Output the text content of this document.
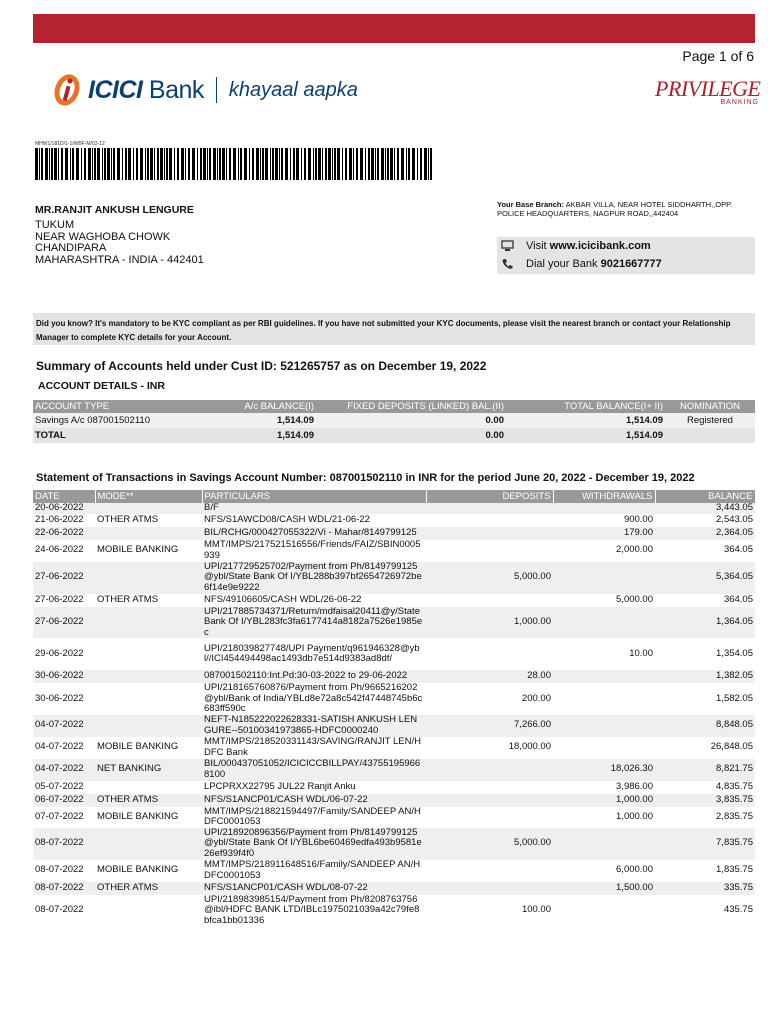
Page 1 of 6
ICICI Bank khayaal aapka	PRIVILEGE
BANKING
MHW1/181D/1-1/WBF-M/03-12
MR.RANJIT ANKUSH LENGURE
TUKUM
NEAR WAGHOBA CHOWK
CHANDIPARA
MAHARASHTRA - INDIA - 442401
Your Base Branch: AKBAR VILLA, NEAR HOTEL SIDDHARTH,,OPP. POLICE HEADQUARTERS, NAGPUR ROAD,,442404
Visit www.icicibank.com
Dial your Bank 9021667777
Did you know? It's mandatory to be KYC compliant as per RBI guidelines. If you have not submitted your KYC documents, please visit the nearest branch or contact your Relationship Manager to complete KYC details for your Account.
Summary of Accounts held under Cust ID: 521265757 as on December 19, 2022
ACCOUNT DETAILS - INR
ACCOUNT TYPE	A/c BALANCE(I)	FIXED DEPOSITS (LINKED) BAL.(II)	TOTAL BALANCE(I+ II)	NOMINATION
Savings A/c 087001502110	1,514.09	0.00	1,514.09	Registered
TOTAL	1,514.09	0.00	1,514.09	
Statement of Transactions in Savings Account Number: 087001502110 in INR for the period June 20, 2022 - December 19, 2022
DATE	MODE**	PARTICULARS	DEPOSITS	WITHDRAWALS	BALANCE
20-06-2022		B/F			3,443.05
21-06-2022	OTHER ATMS	NFS/S1AWCD08/CASH WDL/21-06-22		900.00	2,543.05
22-06-2022		BIL/RCHG/000427055322/Vi - Mahar/8149799125		179.00	2,364.05
24-06-2022	MOBILE BANKING	MMT/IMPS/217521516556/Friends/FAIZ/SBIN0005939		2,000.00	364.05
27-06-2022		UPI/217729525702/Payment from Ph/8149799125@ybl/State Bank Of I/YBL288b397bf2654726972be6f14e9e9222	5,000.00		5,364.05
27-06-2022	OTHER ATMS	NFS/49106605/CASH WDL/26-06-22		5,000.00	364.05
27-06-2022		UPI/217885734371/Return/mdfaisal20411@y/State Bank Of I/YBL283fc3fa6177414a8182a7526e1985ec	1,000.00		1,364.05
29-06-2022		UPI/218039827748/UPI Payment/q961946328@ybl//ICI454494498ac1493db7e514d9383ad8df/		10.00	1,354.05
30-06-2022		087001502110:Int.Pd:30-03-2022 to 29-06-2022	28.00		1,382.05
30-06-2022		UPI/218165760876/Payment from Ph/9665216202@ybl/Bank of India/YBLd8e72a8c542f47448745b6c683ff590c	200.00		1,582.05
04-07-2022		NEFT-N185222022628331-SATISH ANKUSH LENGURE--50100341973865-HDFC0000240	7,266.00		8,848.05
04-07-2022	MOBILE BANKING	MMT/IMPS/218520331143/SAVING/RANJIT LEN/HDFC Bank	18,000.00		26,848.05
04-07-2022	NET BANKING	BIL/000437051052/ICICICCBILLPAY/437551959668100		18,026.30	8,821.75
05-07-2022		LPCPRXX22795 JUL22 Ranjit Anku		3,986.00	4,835.75
06-07-2022	OTHER ATMS	NFS/S1ANCP01/CASH WDL/06-07-22		1,000.00	3,835.75
07-07-2022	MOBILE BANKING	MMT/IMPS/218821594497/Family/SANDEEP AN/HDFC0001053		1,000.00	2,835.75
08-07-2022		UPI/218920896356/Payment from Ph/8149799125@ybl/State Bank Of I/YBL6be60469edfa493b9581e26ef939f4f0	5,000.00		7,835.75
08-07-2022	MOBILE BANKING	MMT/IMPS/218911648516/Family/SANDEEP AN/HDFC0001053		6,000.00	1,835.75
08-07-2022	OTHER ATMS	NFS/S1ANCP01/CASH WDL/08-07-22		1,500.00	335.75
08-07-2022		UPI/218983985154/Payment from Ph/8208763756@ibl/HDFC BANK LTD/IBLc1975021039a42c79fe8bfca1bb01336	100.00		435.75
